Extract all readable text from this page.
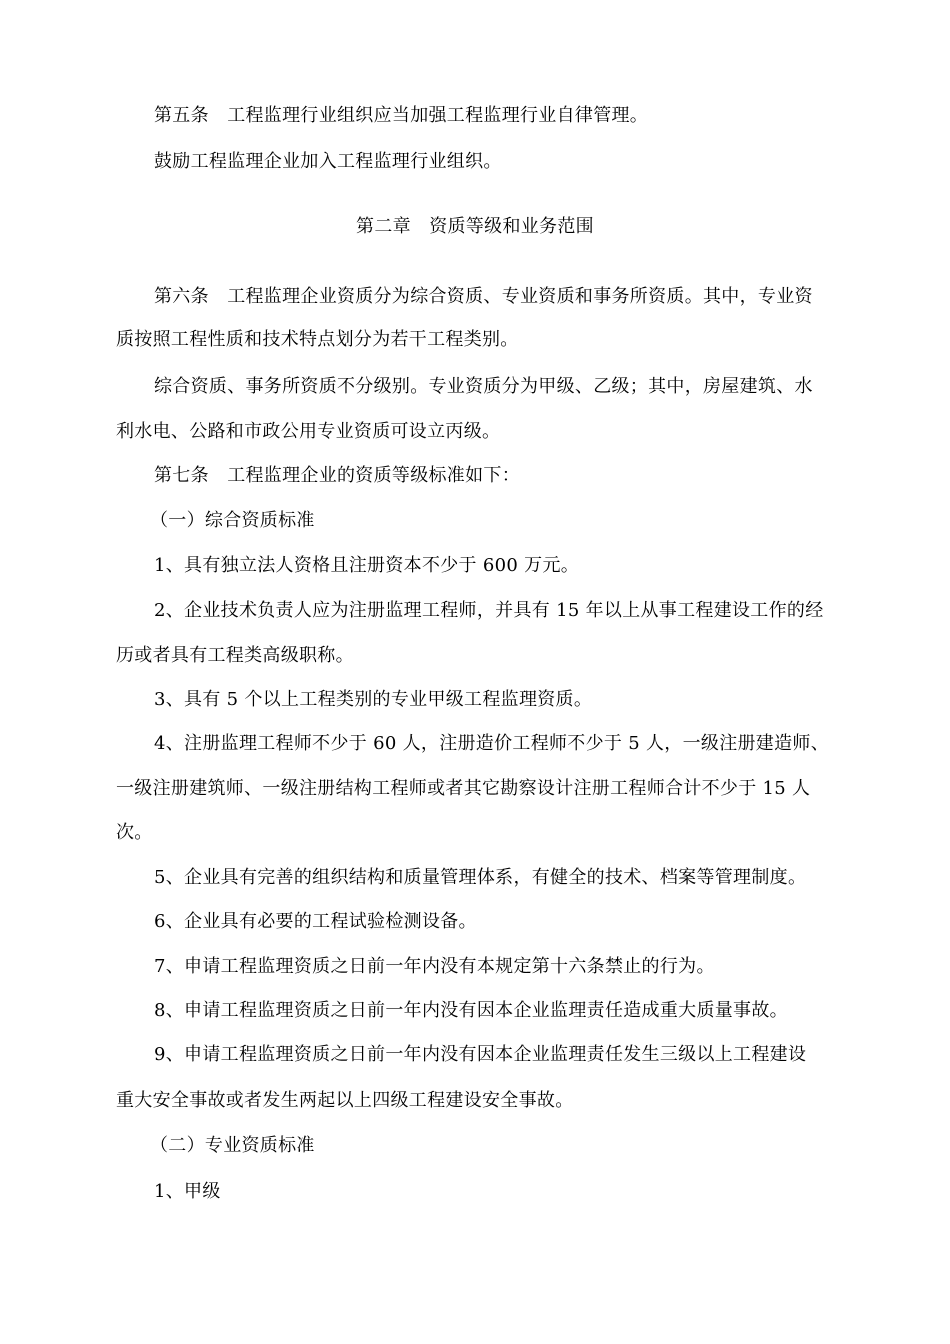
第五条　工程监理行业组织应当加强工程监理行业自律管理。
鼓励工程监理企业加入工程监理行业组织。
第二章　资质等级和业务范围
第六条　工程监理企业资质分为综合资质、专业资质和事务所资质。其中，专业资
质按照工程性质和技术特点划分为若干工程类别。
综合资质、事务所资质不分级别。专业资质分为甲级、乙级；其中，房屋建筑、水
利水电、公路和市政公用专业资质可设立丙级。
第七条　工程监理企业的资质等级标准如下：
（一）综合资质标准
1、具有独立法人资格且注册资本不少于 600 万元。
2、企业技术负责人应为注册监理工程师，并具有 15 年以上从事工程建设工作的经
历或者具有工程类高级职称。
3、具有 5 个以上工程类别的专业甲级工程监理资质。
4、注册监理工程师不少于 60 人，注册造价工程师不少于 5 人，一级注册建造师、
一级注册建筑师、一级注册结构工程师或者其它勘察设计注册工程师合计不少于 15 人
次。
5、企业具有完善的组织结构和质量管理体系，有健全的技术、档案等管理制度。
6、企业具有必要的工程试验检测设备。
7、申请工程监理资质之日前一年内没有本规定第十六条禁止的行为。
8、申请工程监理资质之日前一年内没有因本企业监理责任造成重大质量事故。
9、申请工程监理资质之日前一年内没有因本企业监理责任发生三级以上工程建设
重大安全事故或者发生两起以上四级工程建设安全事故。
（二）专业资质标准
1、甲级
